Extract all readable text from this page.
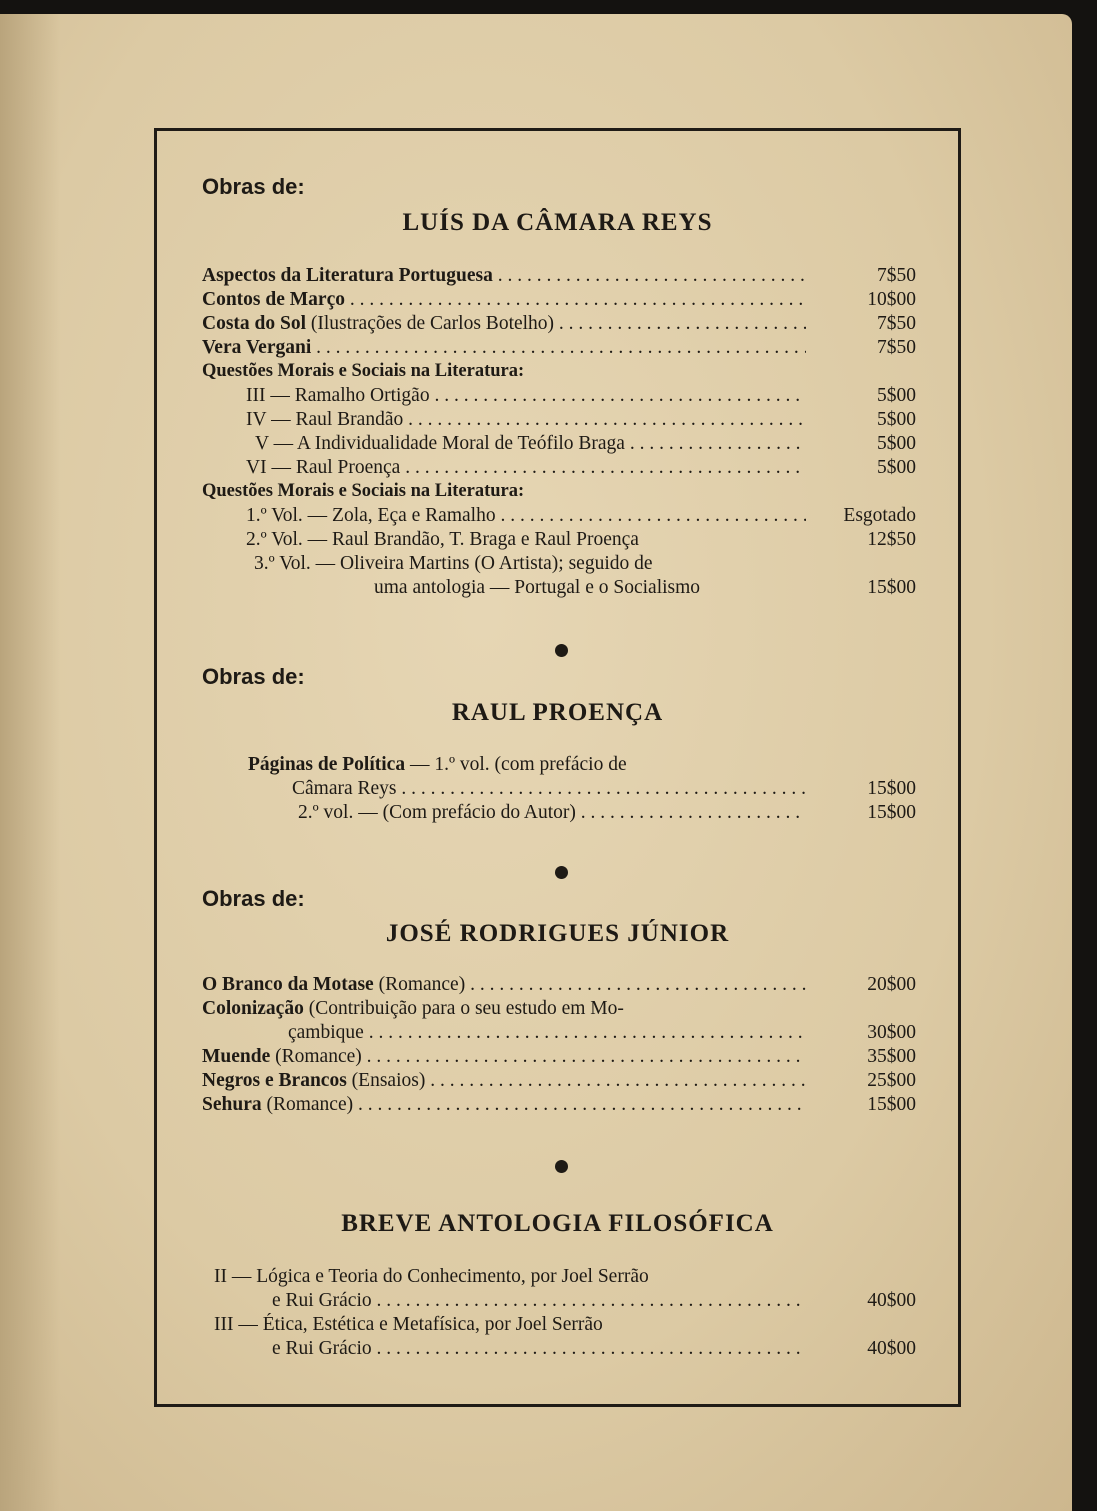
Obras de:
LUÍS DA CÂMARA REYS
Aspectos da Literatura Portuguesa . . .	7$50
Contos de Março . . .	10$00
Costa do Sol (Ilustrações de Carlos Botelho) . . .	7$50
Vera Vergani . . .	7$50
Questões Morais e Sociais na Literatura:
III — Ramalho Ortigão . . .	5$00
IV — Raul Brandão . . .	5$00
V — A Individualidade Moral de Teófilo Braga . . .	5$00
VI — Raul Proença . . .	5$00
Questões Morais e Sociais na Literatura:
1.º Vol. — Zola, Eça e Ramalho . . .	Esgotado
2.º Vol. — Raul Brandão, T. Braga e Raul Proença	12$50
3.º Vol. — Oliveira Martins (O Artista); seguido de
uma antologia — Portugal e o Socialismo	15$00
Obras de:
RAUL PROENÇA
Páginas de Política — 1.º vol. (com prefácio de
Câmara Reys . . .	15$00
2.º vol. — (Com prefácio do Autor) . . .	15$00
Obras de:
JOSÉ RODRIGUES JÚNIOR
O Branco da Motase (Romance) . . .	20$00
Colonização (Contribuição para o seu estudo em Mo-
çambique . . .	30$00
Muende (Romance) . . .	35$00
Negros e Brancos (Ensaios) . . .	25$00
Sehura (Romance) . . .	15$00
BREVE ANTOLOGIA FILOSÓFICA
II — Lógica e Teoria do Conhecimento, por Joel Serrão
e Rui Grácio . . .	40$00
III — Ética, Estética e Metafísica, por Joel Serrão
e Rui Grácio . . .	40$00
